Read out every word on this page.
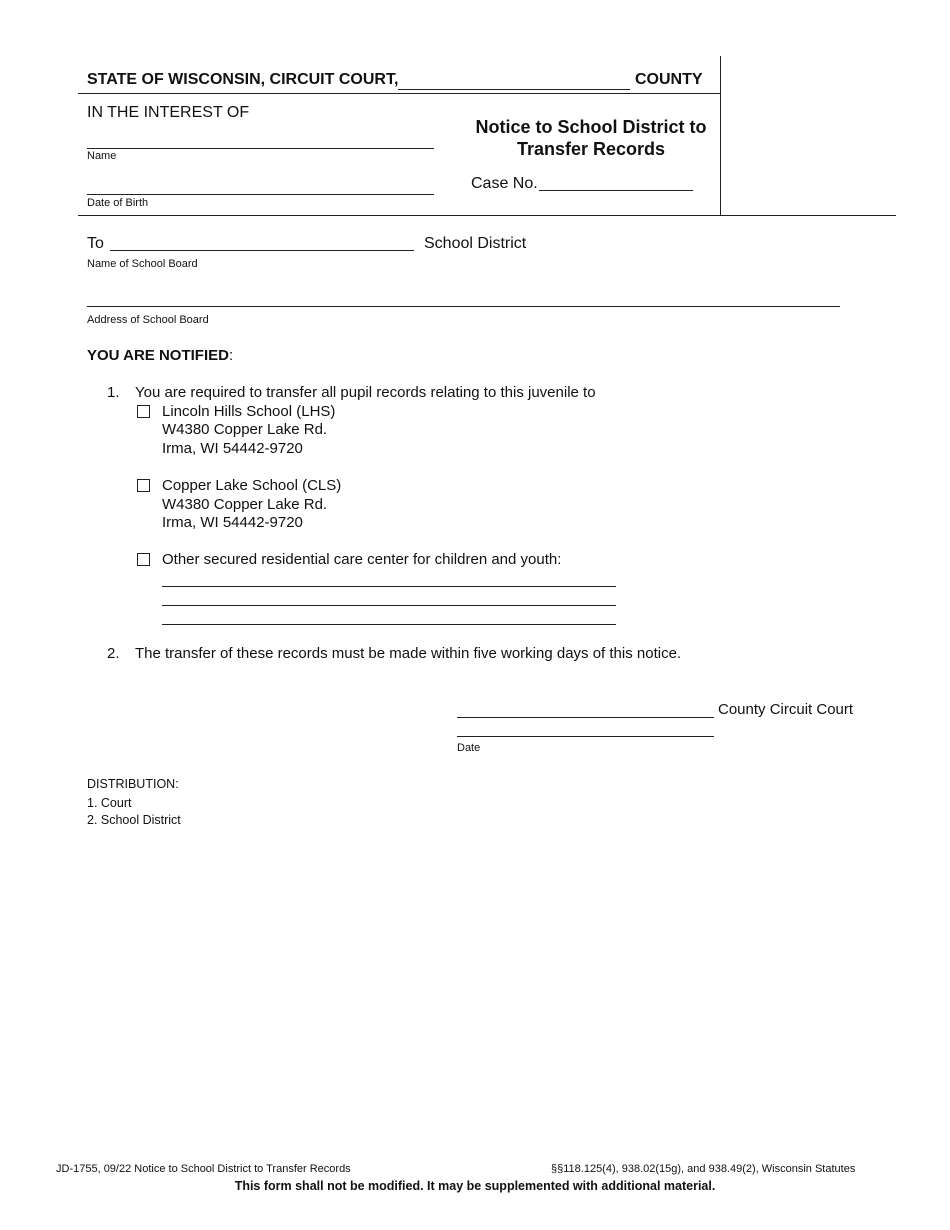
STATE OF WISCONSIN, CIRCUIT COURT,	COUNTY
IN THE INTEREST OF
Name
Date of Birth
Notice to School District to
Transfer Records
Case No.
To	School District
Name of School Board
Address of School Board
YOU ARE NOTIFIED:
1. You are required to transfer all pupil records relating to this juvenile to
Lincoln Hills School (LHS)
W4380 Copper Lake Rd.
Irma, WI 54442-9720
Copper Lake School (CLS)
W4380 Copper Lake Rd.
Irma, WI 54442-9720
Other secured residential care center for children and youth:
2. The transfer of these records must be made within five working days of this notice.
County Circuit Court
Date
DISTRIBUTION:
1. Court
2. School District
JD-1755, 09/22 Notice to School District to Transfer Records	§§118.125(4), 938.02(15g), and 938.49(2), Wisconsin Statutes
This form shall not be modified. It may be supplemented with additional material.
